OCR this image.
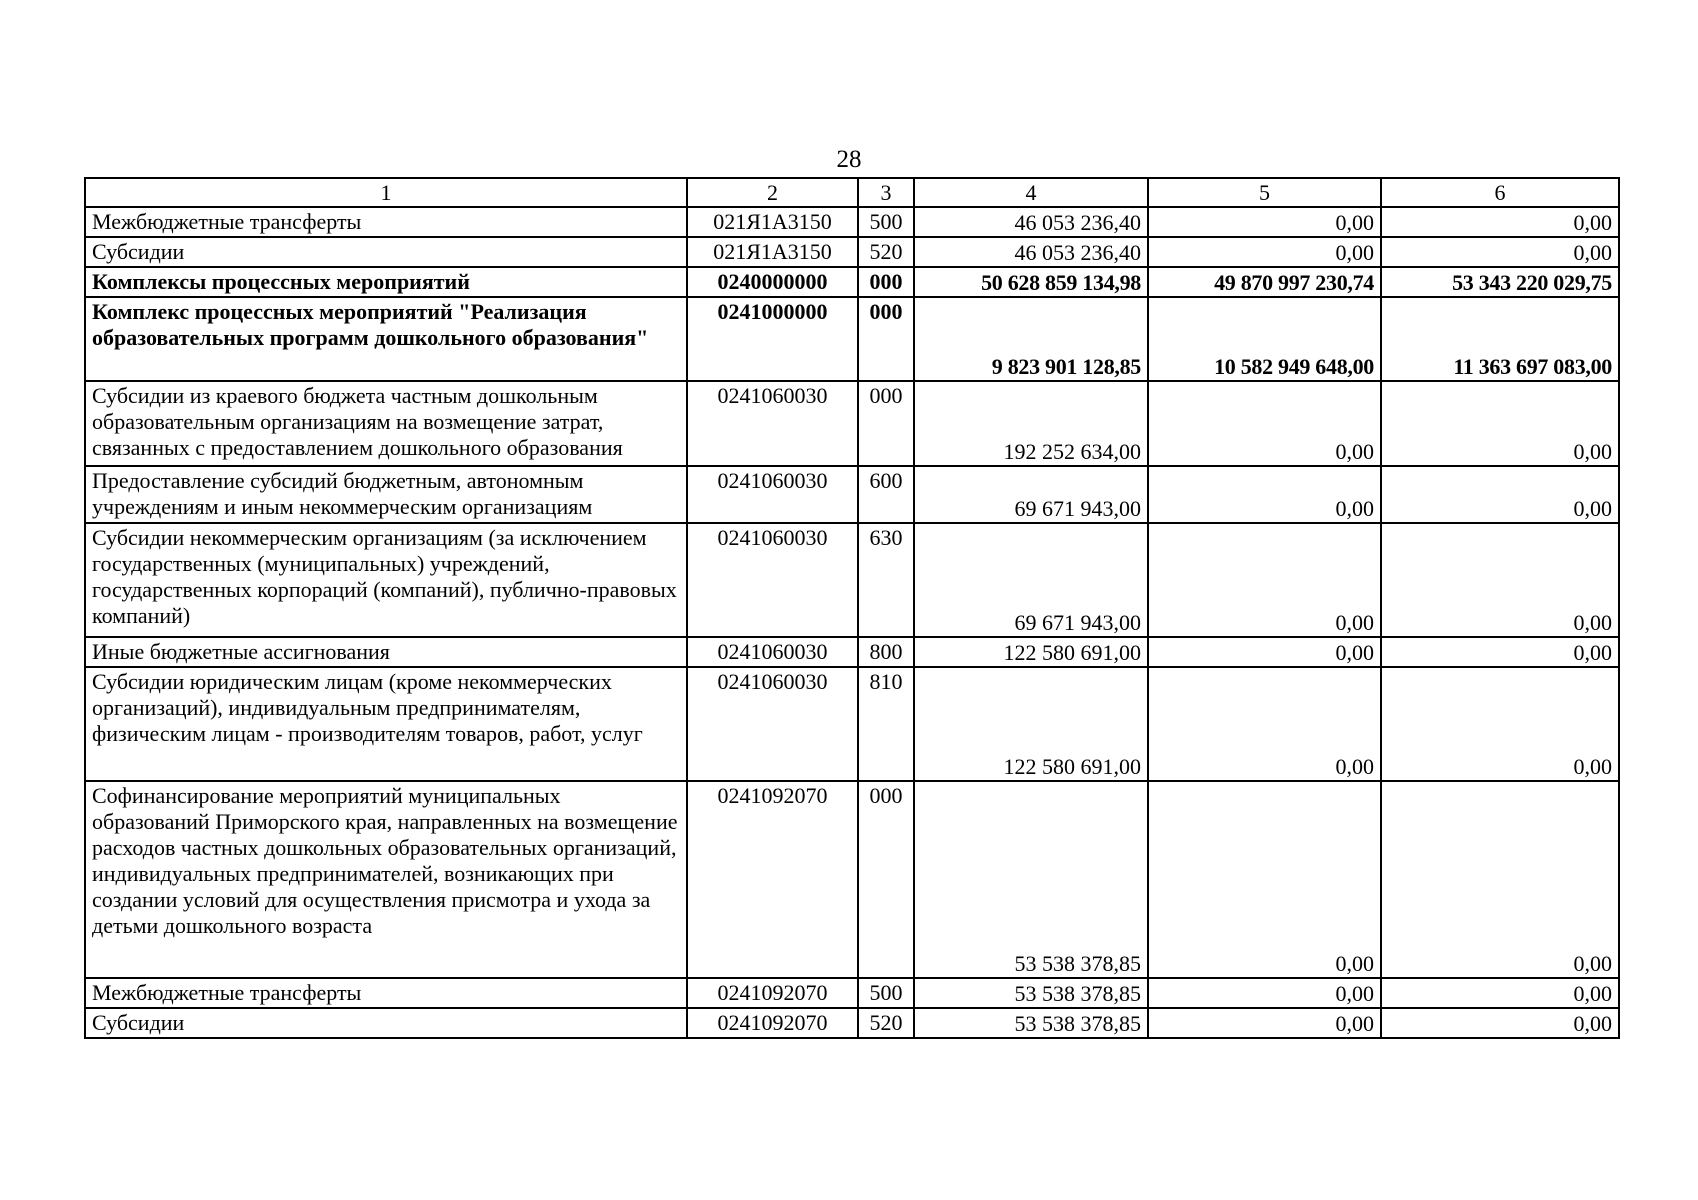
28
1	2	3	4	5	6
Межбюджетные трансферты	021Я1А3150	500	46 053 236,40	0,00	0,00
Субсидии	021Я1А3150	520	46 053 236,40	0,00	0,00
Комплексы процессных мероприятий	0240000000	000	50 628 859 134,98	49 870 997 230,74	53 343 220 029,75
Комплекс процессных мероприятий "Реализация образовательных программ дошкольного образования"	0241000000	000	9 823 901 128,85	10 582 949 648,00	11 363 697 083,00
Субсидии из краевого бюджета частным дошкольным образовательным организациям на возмещение затрат, связанных с предоставлением дошкольного образования	0241060030	000	192 252 634,00	0,00	0,00
Предоставление субсидий бюджетным, автономным учреждениям и иным некоммерческим организациям	0241060030	600	69 671 943,00	0,00	0,00
Субсидии некоммерческим организациям (за исключением государственных (муниципальных) учреждений, государственных корпораций (компаний), публично-правовых компаний)	0241060030	630	69 671 943,00	0,00	0,00
Иные бюджетные ассигнования	0241060030	800	122 580 691,00	0,00	0,00
Субсидии юридическим лицам (кроме некоммерческих организаций), индивидуальным предпринимателям, физическим лицам - производителям товаров, работ, услуг	0241060030	810	122 580 691,00	0,00	0,00
Софинансирование мероприятий муниципальных образований Приморского края, направленных на возмещение расходов частных дошкольных образовательных организаций, индивидуальных предпринимателей, возникающих при создании условий для осуществления присмотра и ухода за детьми дошкольного возраста	0241092070	000	53 538 378,85	0,00	0,00
Межбюджетные трансферты	0241092070	500	53 538 378,85	0,00	0,00
Субсидии	0241092070	520	53 538 378,85	0,00	0,00
